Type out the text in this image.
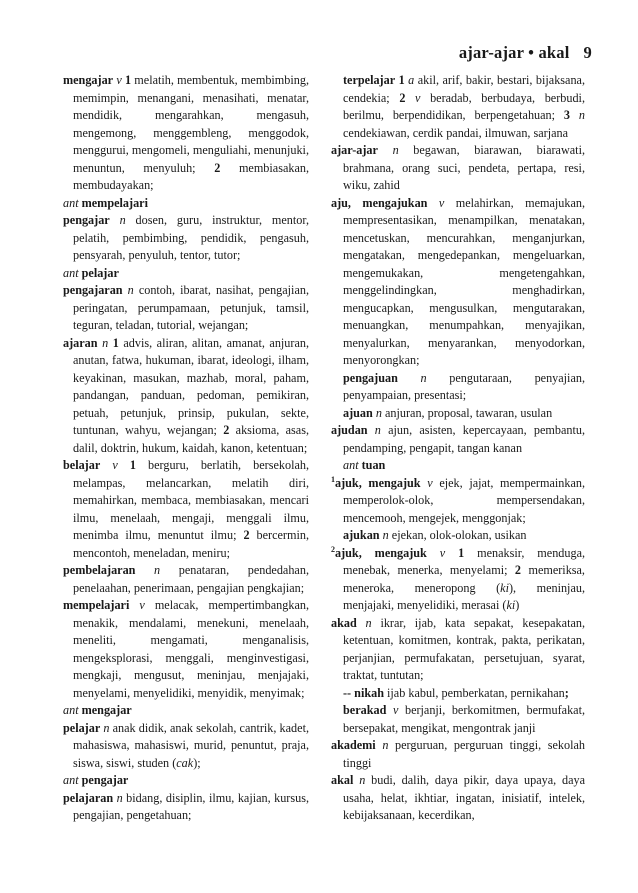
ajar-ajar • akal 9
mengajar v 1 melatih, membentuk, membimbing, memimpin, menangani, menasihati, menatar, mendidik, mengarahkan, mengasuh, mengemong, menggembleng, menggodok, menggurui, mengomeli, menguliahi, menunjuki, menuntun, menyuluh; 2 membiasakan, membudayakan;
ant mempelajari
pengajar n dosen, guru, instruktur, mentor, pelatih, pembimbing, pendidik, pengasuh, pensyarah, penyuluh, tentor, tutor;
ant pelajar
pengajaran n contoh, ibarat, nasihat, pengajian, peringatan, perumpamaan, petunjuk, tamsil, teguran, teladan, tutorial, wejangan;
ajaran n 1 advis, aliran, alitan, amanat, anjuran, anutan, fatwa, hukuman, ibarat, ideologi, ilham, keyakinan, masukan, mazhab, moral, paham, pandangan, panduan, pedoman, pemikiran, petuah, petunjuk, prinsip, pukulan, sekte, tuntunan, wahyu, wejangan; 2 aksioma, asas, dalil, doktrin, hukum, kaidah, kanon, ketentuan;
belajar v 1 berguru, berlatih, bersekolah, melampas, melancarkan, melatih diri, memahirkan, membaca, membiasakan, mencari ilmu, menelaah, mengaji, menggali ilmu, menimba ilmu, menuntut ilmu; 2 bercermin, mencontoh, meneladan, meniru;
pembelajaran n penataran, pendedahan, penelaahan, penerimaan, pengajian pengkajian;
mempelajari v melacak, mempertimbangkan, menakik, mendalami, menekuni, menelaah, meneliti, mengamati, menganalisis, mengeksplorasi, menggali, menginvestigasi, mengkaji, mengusut, meninjau, menjajaki, menyelami, menyelidiki, menyidik, menyimak;
ant mengajar
pelajar n anak didik, anak sekolah, cantrik, kadet, mahasiswa, mahasiswi, murid, penuntut, praja, siswa, siswi, studen (cak);
ant pengajar
pelajaran n bidang, disiplin, ilmu, kajian, kursus, pengajian, pengetahuan;
terpelajar 1 a akil, arif, bakir, bestari, bijaksana, cendekia; 2 v beradab, berbudaya, berbudi, berilmu, berpendidikan, berpengetahuan; 3 n cendekiawan, cerdik pandai, ilmuwan, sarjana
ajar-ajar n begawan, biarawan, biarawati, brahmana, orang suci, pendeta, pertapa, resi, wiku, zahid
aju, mengajukan v melahirkan, memajukan, mempresentasikan, menampilkan, menatakan, mencetuskan, mencurahkan, menganjurkan, mengatakan, mengedepankan, mengeluarkan, mengemukakan, mengetengahkan, menggelindingkan, menghadirkan, mengucapkan, mengusulkan, mengutarakan, menuangkan, menumpahkan, menyajikan, menyalurkan, menyarankan, menyodorkan, menyorongkan;
pengajuan n pengutaraan, penyajian, penyampaian, presentasi;
ajuan n anjuran, proposal, tawaran, usulan
ajudan n ajun, asisten, kepercayaan, pembantu, pendamping, pengapit, tangan kanan
ant tuan
$^1$ajuk, mengajuk v ejek, jajat, mempermainkan, memperolok-olok, mempersendakan, mencemooh, mengejek, menggonjak;
ajukan n ejekan, olok-olokan, usikan
$^2$ajuk, mengajuk v 1 menaksir, menduga, menebak, menerka, menyelami; 2 memeriksa, meneroka, meneropong (ki), meninjau, menjajaki, menyelidiki, merasai (ki)
akad n ikrar, ijab, kata sepakat, kesepakatan, ketentuan, komitmen, kontrak, pakta, perikatan, perjanjian, permufakatan, persetujuan, syarat, traktat, tuntutan;
-- nikah ijab kabul, pemberkatan, pernikahan;
berakad v berjanji, berkomitmen, bermufakat, bersepakat, mengikat, mengontrak janji
akademi n perguruan, perguruan tinggi, sekolah tinggi
akal n budi, dalih, daya pikir, daya upaya, daya usaha, helat, ikhtiar, ingatan, inisiatif, intelek, kebijaksanaan, kecerdikan,
